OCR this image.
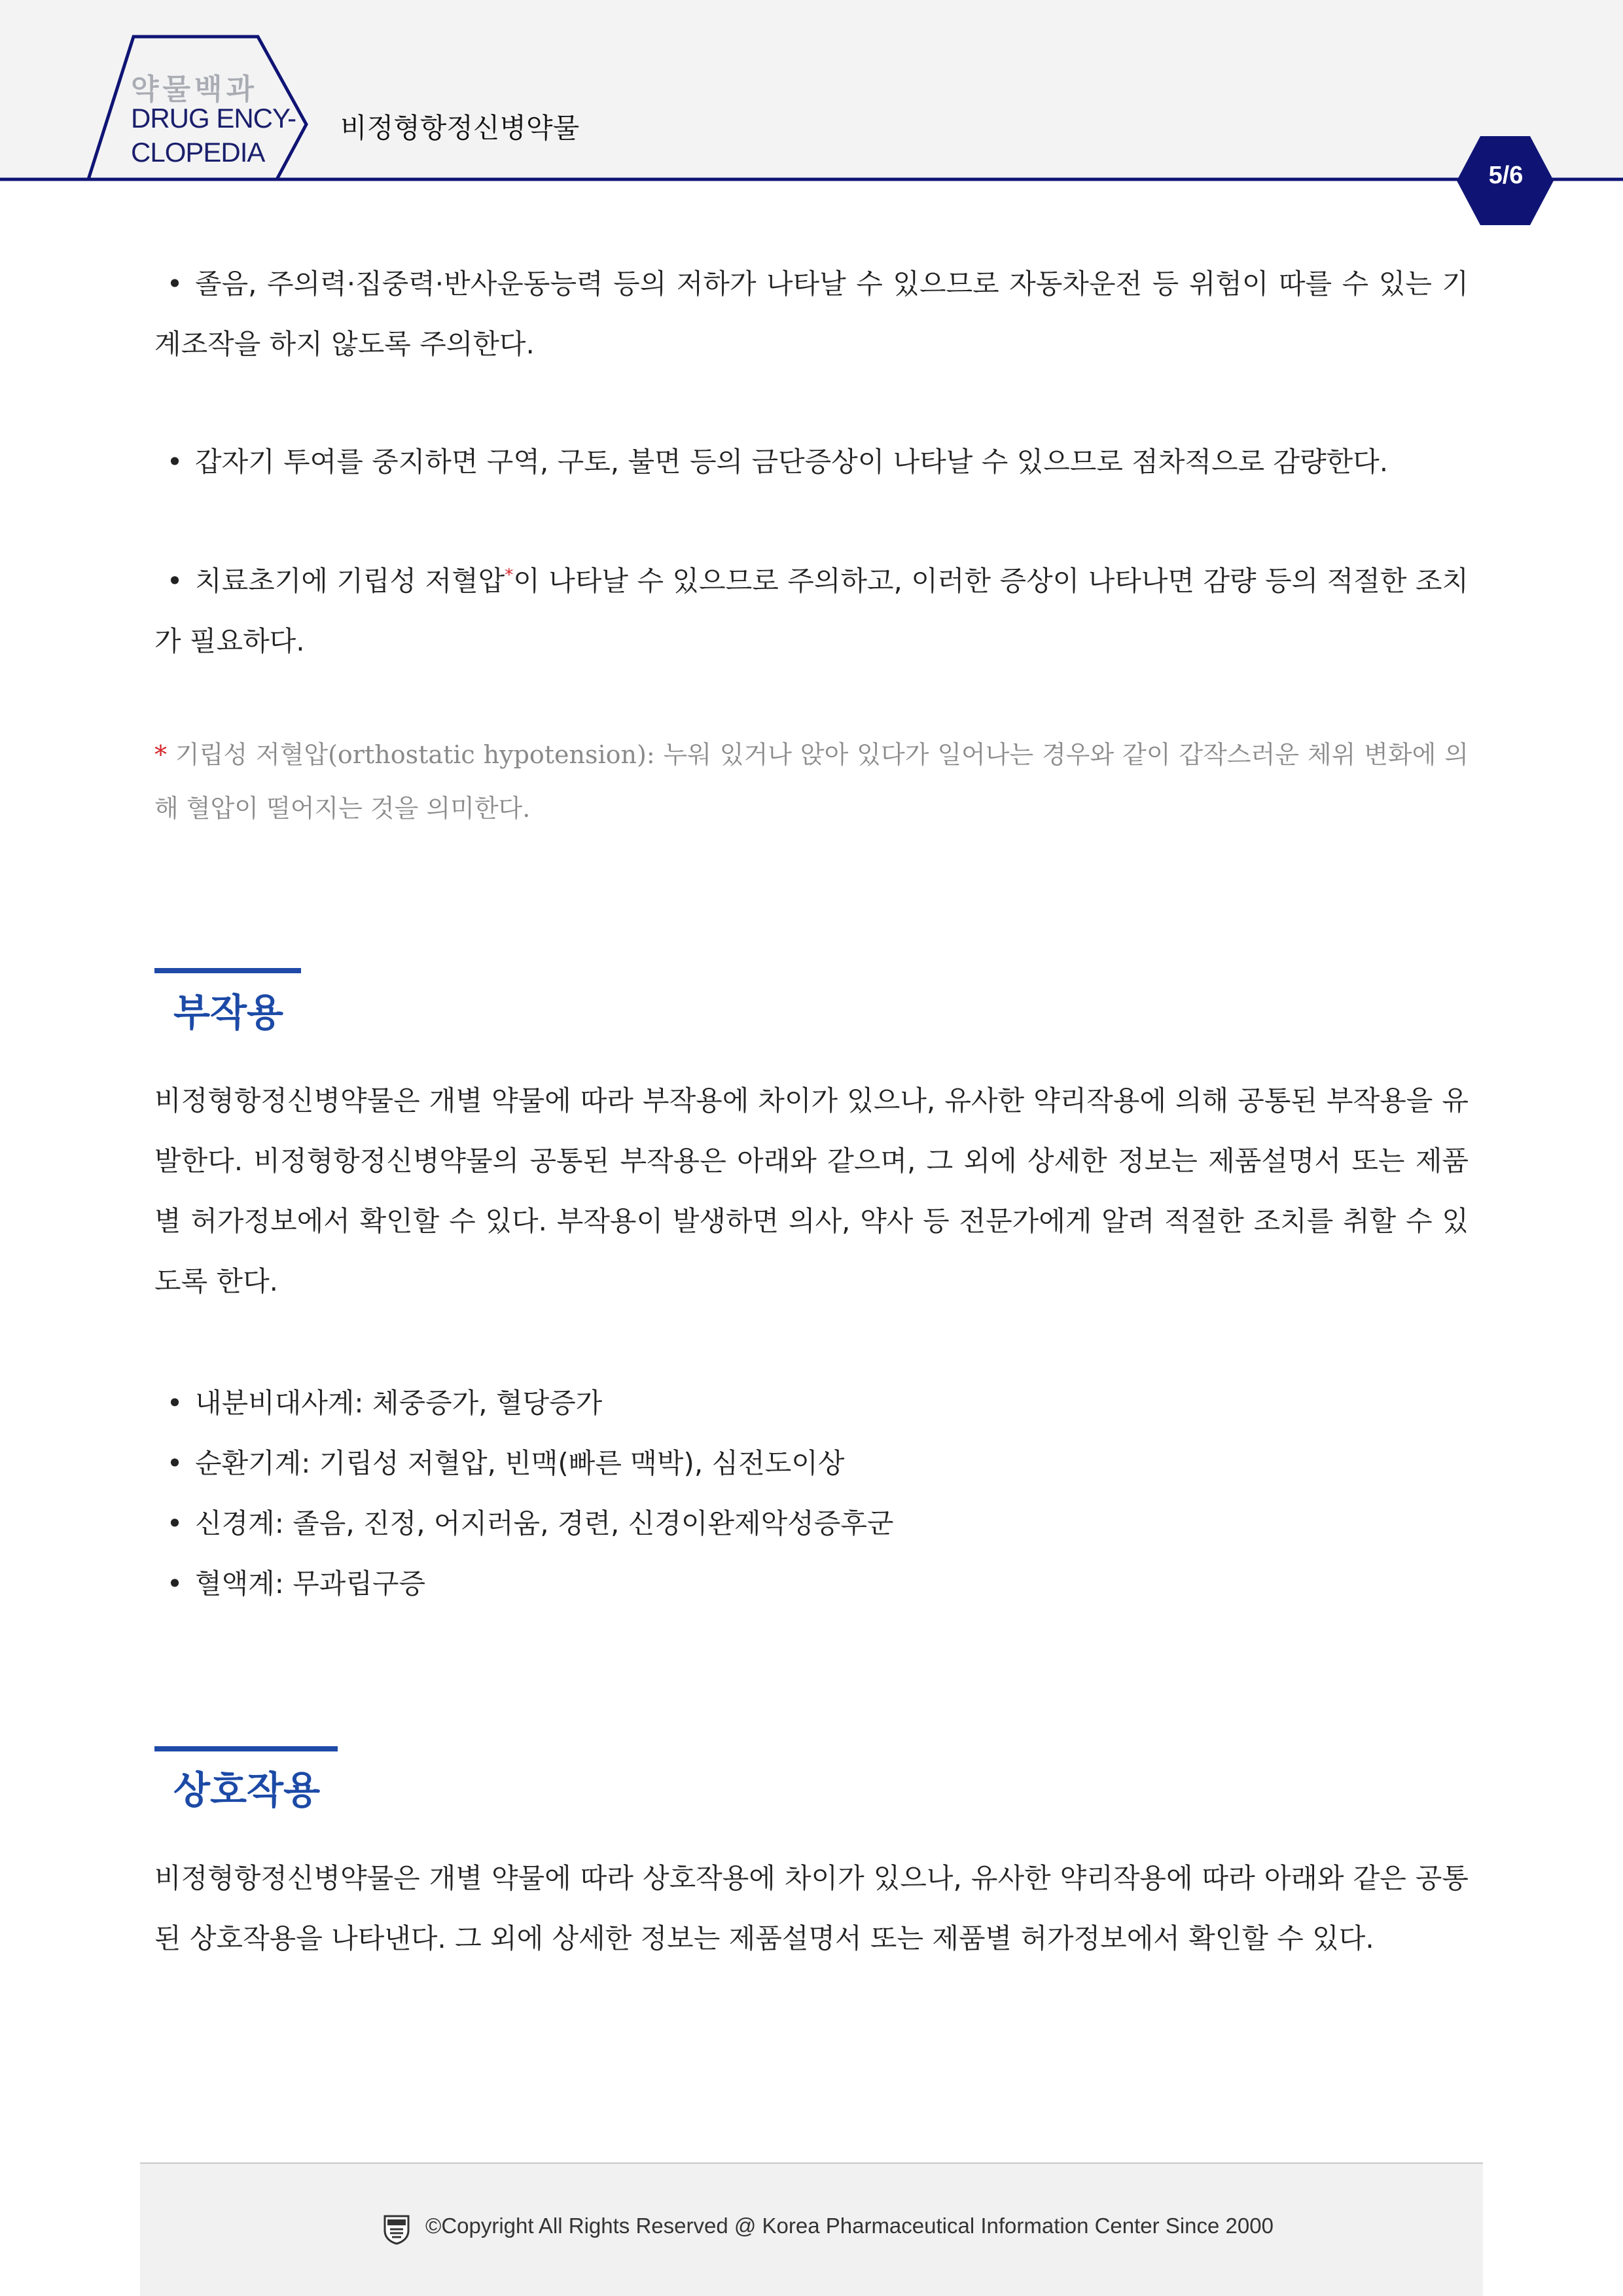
약물백과
DRUG ENCY-
CLOPEDIA
비정형항정신병약물
5/6
• 졸음, 주의력·집중력·반사운동능력 등의 저하가 나타날 수 있으므로 자동차운전 등 위험이 따를 수 있는 기계조작을 하지 않도록 주의한다.
• 갑자기 투여를 중지하면 구역, 구토, 불면 등의 금단증상이 나타날 수 있으므로 점차적으로 감량한다.
• 치료초기에 기립성 저혈압*이 나타날 수 있으므로 주의하고, 이러한 증상이 나타나면 감량 등의 적절한 조치가 필요하다.
* 기립성 저혈압(orthostatic hypotension): 누워 있거나 앉아 있다가 일어나는 경우와 같이 갑작스러운 체위 변화에 의해 혈압이 떨어지는 것을 의미한다.
부작용
비정형항정신병약물은 개별 약물에 따라 부작용에 차이가 있으나, 유사한 약리작용에 의해 공통된 부작용을 유발한다. 비정형항정신병약물의 공통된 부작용은 아래와 같으며, 그 외에 상세한 정보는 제품설명서 또는 제품별 허가정보에서 확인할 수 있다. 부작용이 발생하면 의사, 약사 등 전문가에게 알려 적절한 조치를 취할 수 있도록 한다.
• 내분비대사계: 체중증가, 혈당증가
• 순환기계: 기립성 저혈압, 빈맥(빠른 맥박), 심전도이상
• 신경계: 졸음, 진정, 어지러움, 경련, 신경이완제악성증후군
• 혈액계: 무과립구증
상호작용
비정형항정신병약물은 개별 약물에 따라 상호작용에 차이가 있으나, 유사한 약리작용에 따라 아래와 같은 공통된 상호작용을 나타낸다. 그 외에 상세한 정보는 제품설명서 또는 제품별 허가정보에서 확인할 수 있다.
©Copyright All Rights Reserved @ Korea Pharmaceutical Information Center Since 2000
